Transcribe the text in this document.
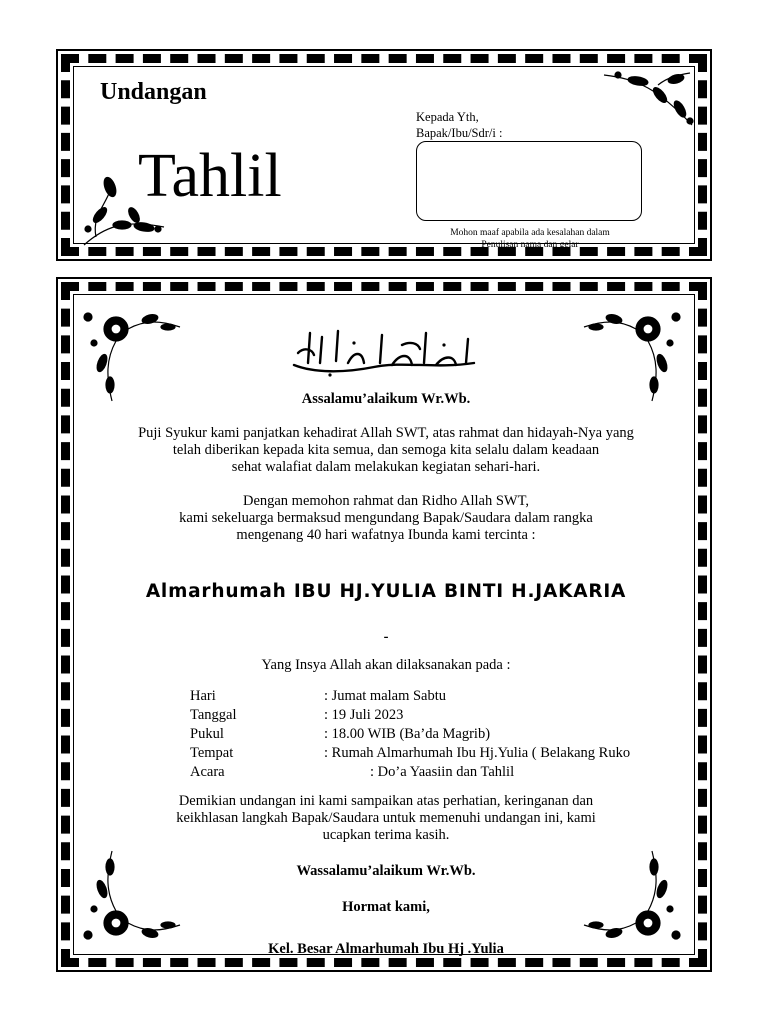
Undangan
Tahlil
Kepada Yth,
Bapak/Ibu/Sdr/i :
Mohon maaf apabila ada kesalahan dalam
Penulisan nama dan gelar
Assalamu’alaikum Wr.Wb.
Puji Syukur kami panjatkan kehadirat Allah SWT, atas rahmat dan hidayah-Nya yang
telah diberikan kepada kita semua, dan semoga kita selalu dalam keadaan
sehat walafiat dalam melakukan kegiatan sehari-hari.
Dengan memohon rahmat dan Ridho Allah SWT,
kami sekeluarga bermaksud mengundang Bapak/Saudara dalam rangka
mengenang 40 hari wafatnya Ibunda kami tercinta :
Almarhumah IBU HJ.YULIA BINTI H.JAKARIA
-
Yang Insya Allah akan dilaksanakan pada :
Hari	: Jumat malam Sabtu
Tanggal	: 19 Juli 2023
Pukul	: 18.00 WIB (Ba’da Magrib)
Tempat	: Rumah Almarhumah Ibu Hj.Yulia ( Belakang Ruko
Acara	: Do’a Yaasiin dan Tahlil
Demikian undangan ini kami sampaikan atas perhatian, keringanan dan
keikhlasan langkah Bapak/Saudara untuk memenuhi undangan ini, kami
ucapkan terima kasih.
Wassalamu’alaikum Wr.Wb.
Hormat kami,
Kel. Besar Almarhumah Ibu Hj .Yulia
